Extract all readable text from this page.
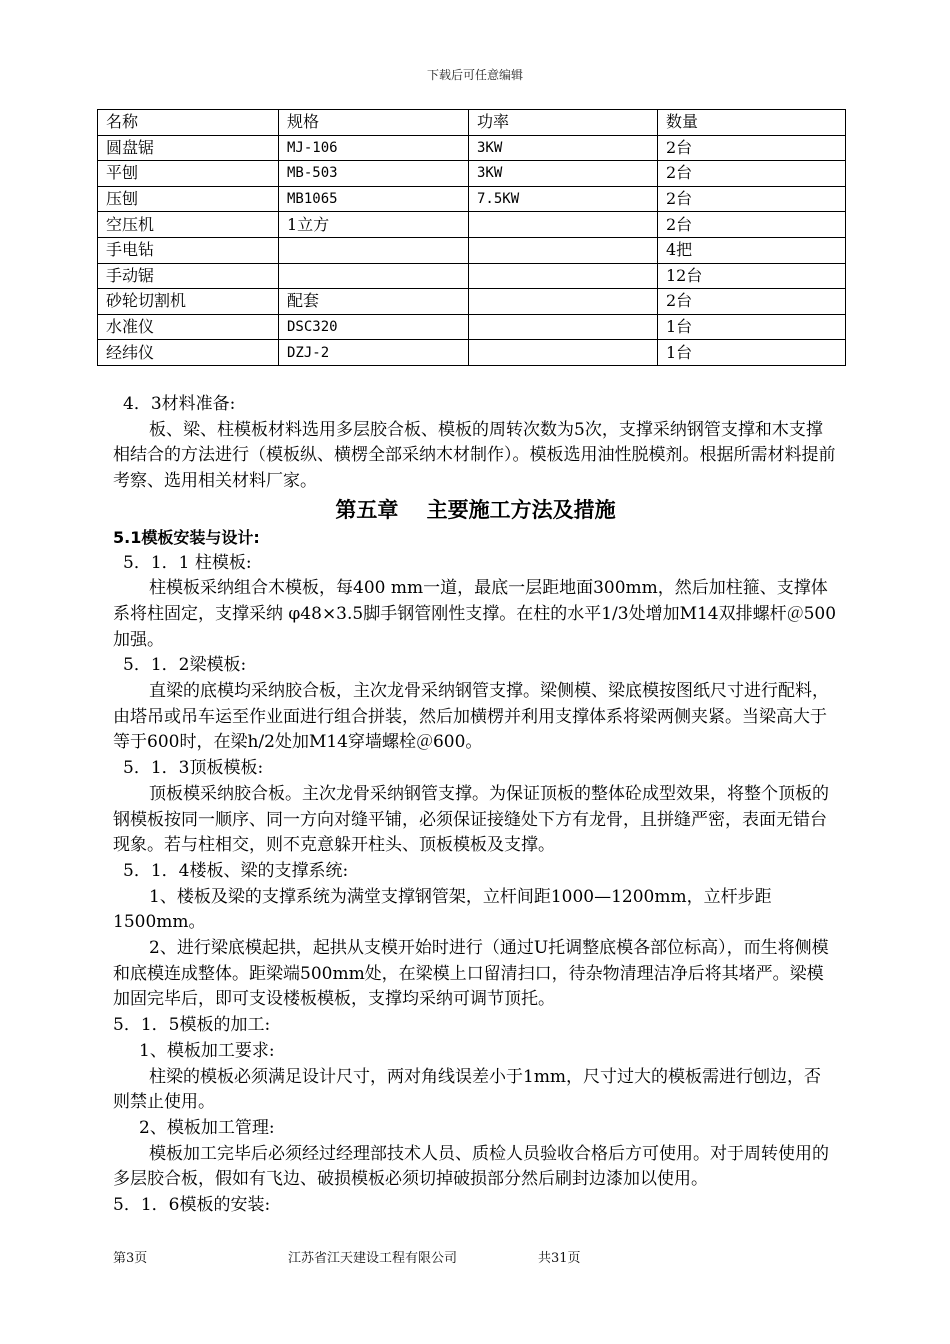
下载后可任意编辑
名称	规格	功率	数量
圆盘锯	MJ-106	3KW	2台
平刨	MB-503	3KW	2台
压刨	MB1065	7.5KW	2台
空压机	1立方		2台
手电钻			4把
手动锯			12台
砂轮切割机	配套		2台
水准仪	DSC320		1台
经纬仪	DZJ-2		1台

4．3材料准备:

板、梁、柱模板材料选用多层胶合板、模板的周转次数为5次，支撑采纳钢管支撑和木支撑相结合的方法进行（模板纵、横楞全部采纳木材制作）。模板选用油性脱模剂。根据所需材料提前考察、选用相关材料厂家。

第五章　 主要施工方法及措施

5.1模板安装与设计:

5．1．1 柱模板:

柱模板采纳组合木模板，每400 mm一道，最底一层距地面300mm，然后加柱箍、支撑体系将柱固定，支撑采纳 φ48×3.5脚手钢管刚性支撑。在柱的水平1/3处增加M14双排螺杆＠500加强。

5．1．2梁模板:

直梁的底模均采纳胶合板，主次龙骨采纳钢管支撑。梁侧模、梁底模按图纸尺寸进行配料，由塔吊或吊车运至作业面进行组合拼装，然后加横楞并利用支撑体系将梁两侧夹紧。当梁高大于等于600时，在梁h/2处加M14穿墙螺栓＠600。

5．1．3顶板模板:

顶板模采纳胶合板。主次龙骨采纳钢管支撑。为保证顶板的整体砼成型效果，将整个顶板的钢模板按同一顺序、同一方向对缝平铺，必须保证接缝处下方有龙骨，且拼缝严密，表面无错台现象。若与柱相交，则不克意躲开柱头、顶板模板及支撑。

5．1．4楼板、梁的支撑系统:

1、楼板及梁的支撑系统为满堂支撑钢管架，立杆间距1000—1200mm，立杆步距1500mm。

2、进行梁底模起拱，起拱从支模开始时进行（通过U托调整底模各部位标高），而生将侧模和底模连成整体。距梁端500mm处，在梁模上口留清扫口，待杂物清理洁净后将其堵严。梁模加固完毕后，即可支设楼板模板，支撑均采纳可调节顶托。

5．1．5模板的加工:

1、模板加工要求:

柱梁的模板必须满足设计尺寸，两对角线误差小于1mm，尺寸过大的模板需进行刨边，否则禁止使用。

2、模板加工管理:

模板加工完毕后必须经过经理部技术人员、质检人员验收合格后方可使用。对于周转使用的多层胶合板，假如有飞边、破损模板必须切掉破损部分然后刷封边漆加以使用。

5．1．6模板的安装:

第3页	江苏省江天建设工程有限公司	共31页
